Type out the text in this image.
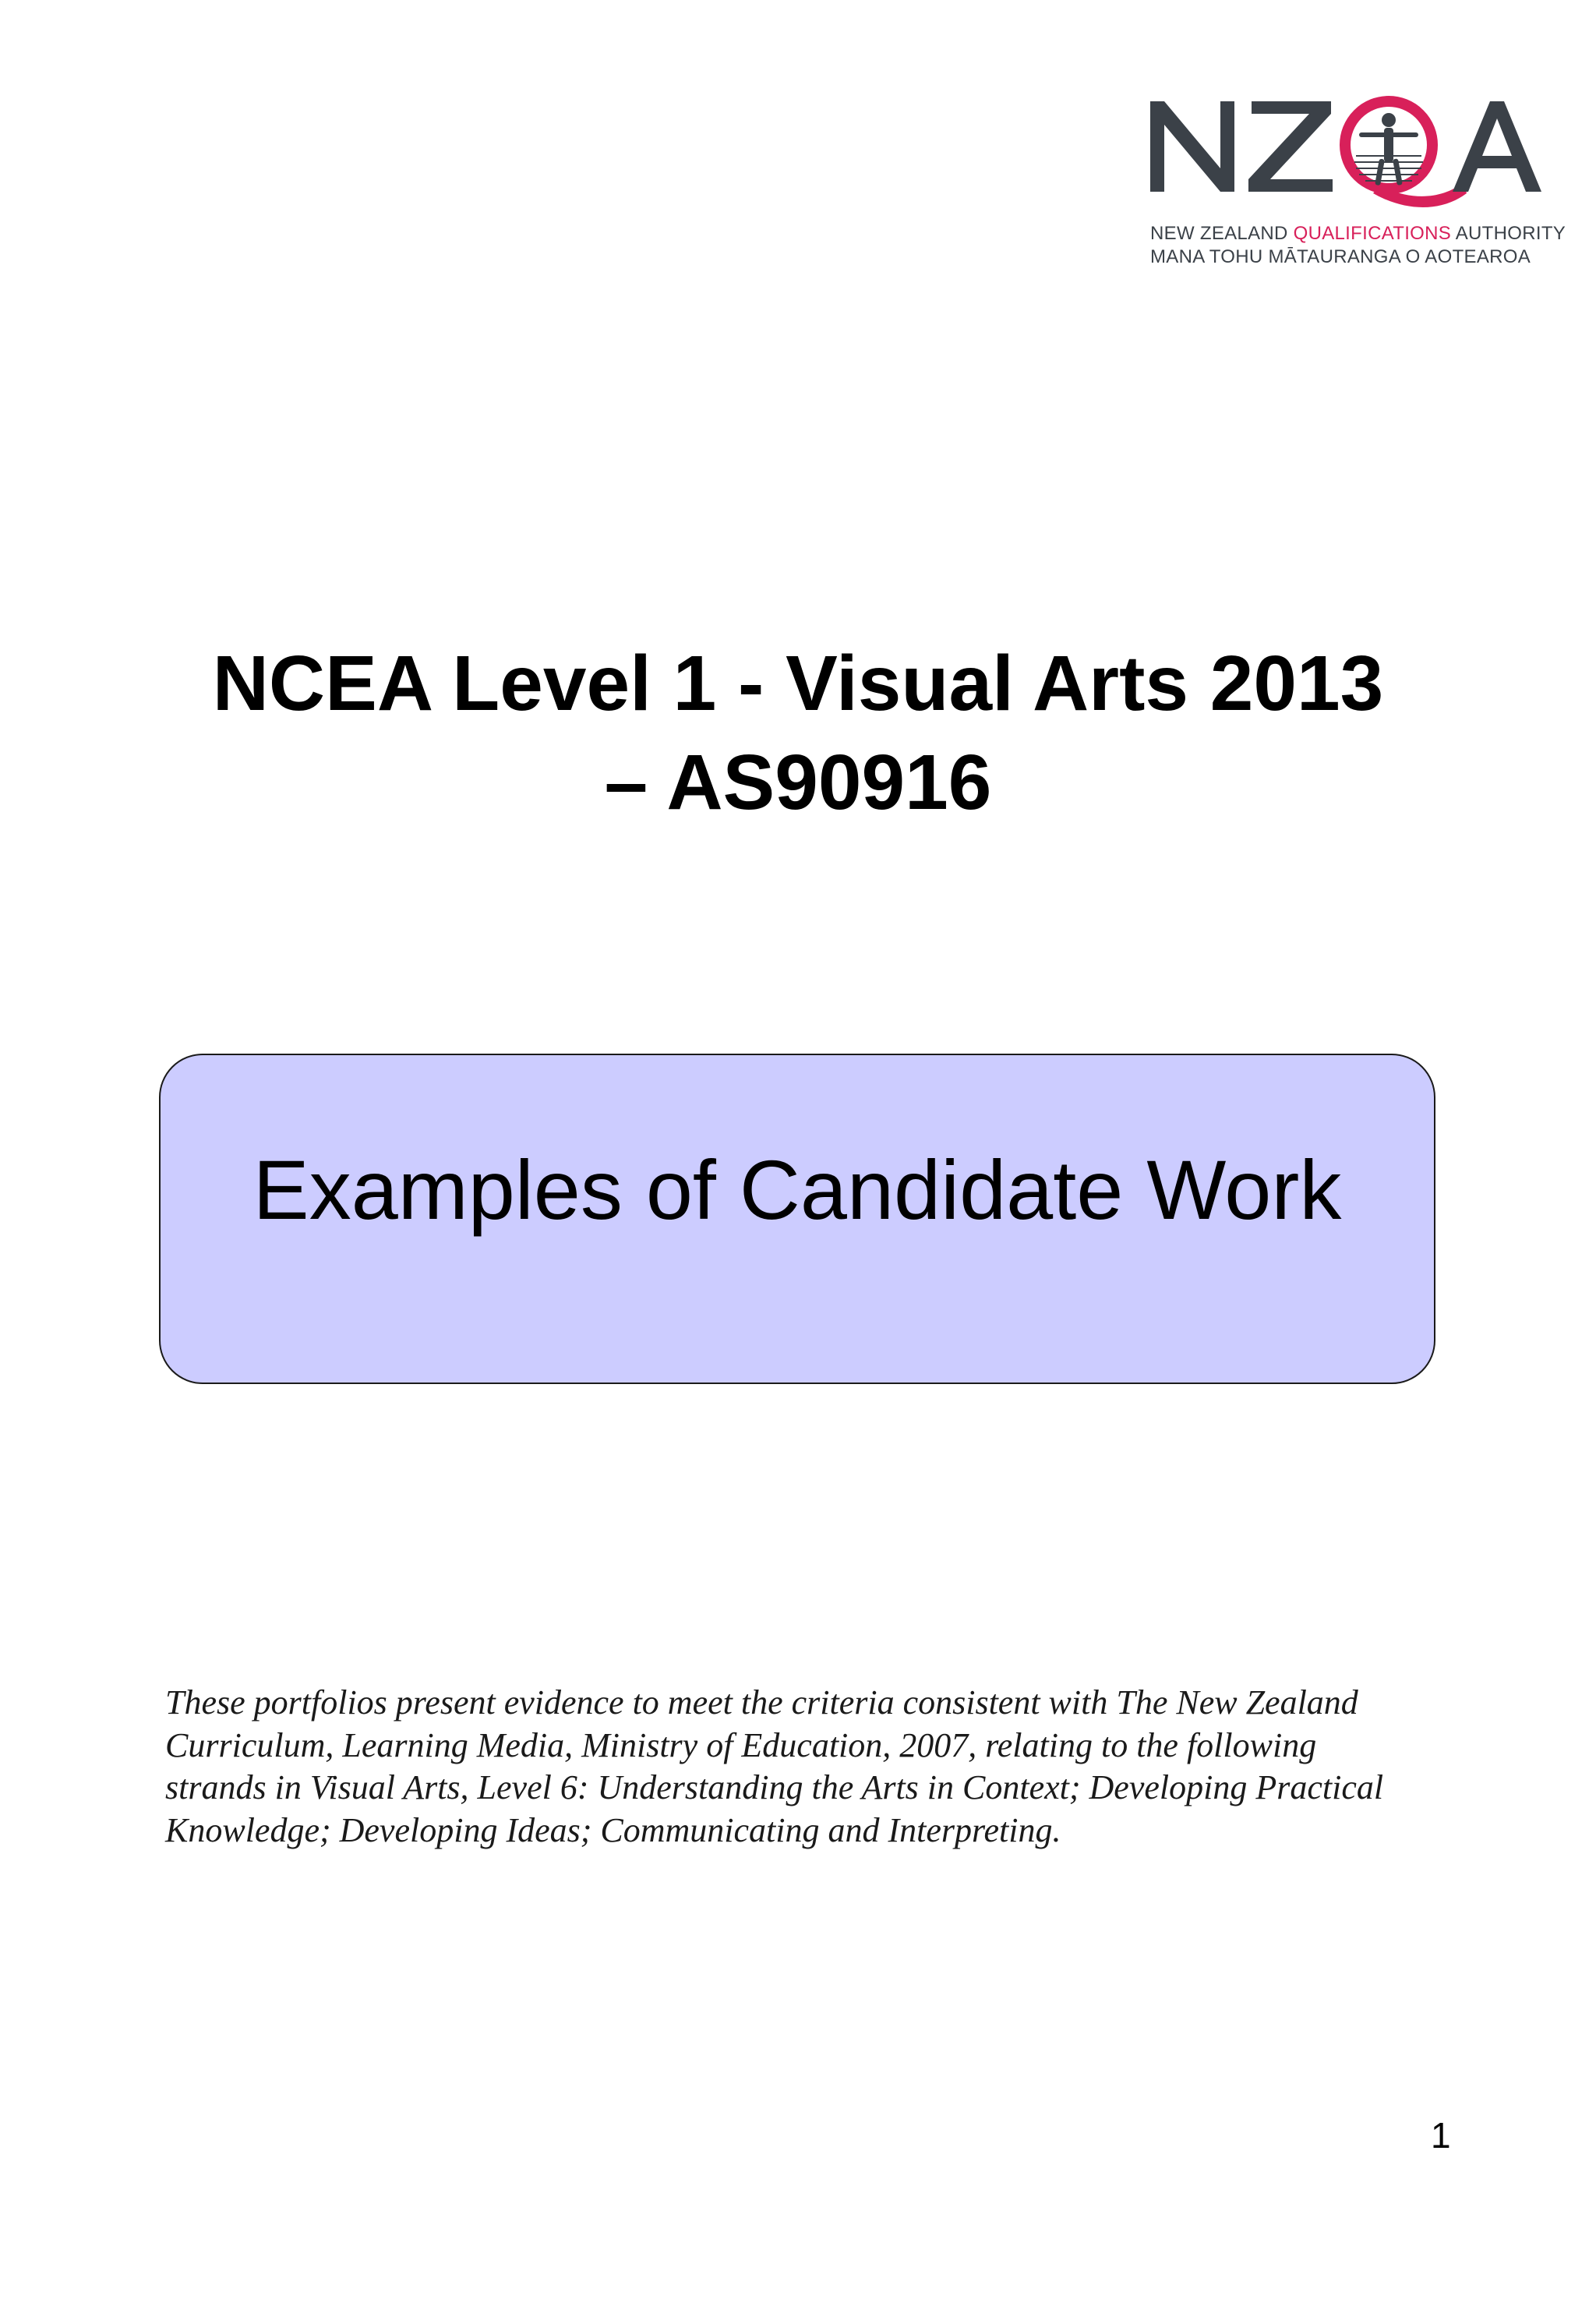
NEW ZEALAND QUALIFICATIONS AUTHORITY
MANA TOHU MĀTAURANGA O AOTEAROA
NCEA Level 1 - Visual Arts 2013
– AS90916
Examples of Candidate Work
These portfolios present evidence to meet the criteria consistent with The New Zealand
Curriculum, Learning Media, Ministry of Education, 2007, relating to the following
strands in Visual Arts, Level 6: Understanding the Arts in Context; Developing Practical
Knowledge; Developing Ideas; Communicating and Interpreting.
1
